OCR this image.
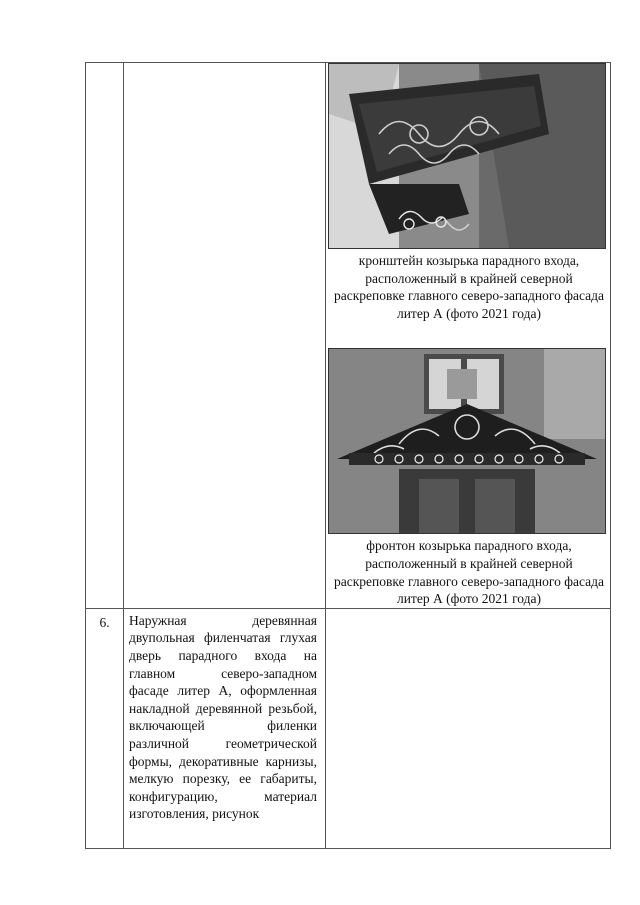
		кронштейн козырька парадного входа, расположенный в крайней северной раскреповке главного северо-западного фасада литер А (фото 2021 года)
фронтон козырька парадного входа, расположенный в крайней северной раскреповке главного северо-западного фасада литер А (фото 2021 года)

6.	Наружная деревянная двупольная филенчатая глухая дверь парадного входа на главном северо-западном фасаде литер А, оформленная накладной деревянной резьбой, включающей филенки различной геометрической формы, декоративные карнизы, мелкую порезку, ее габариты, конфигурацию, материал изготовления, рисунок	
